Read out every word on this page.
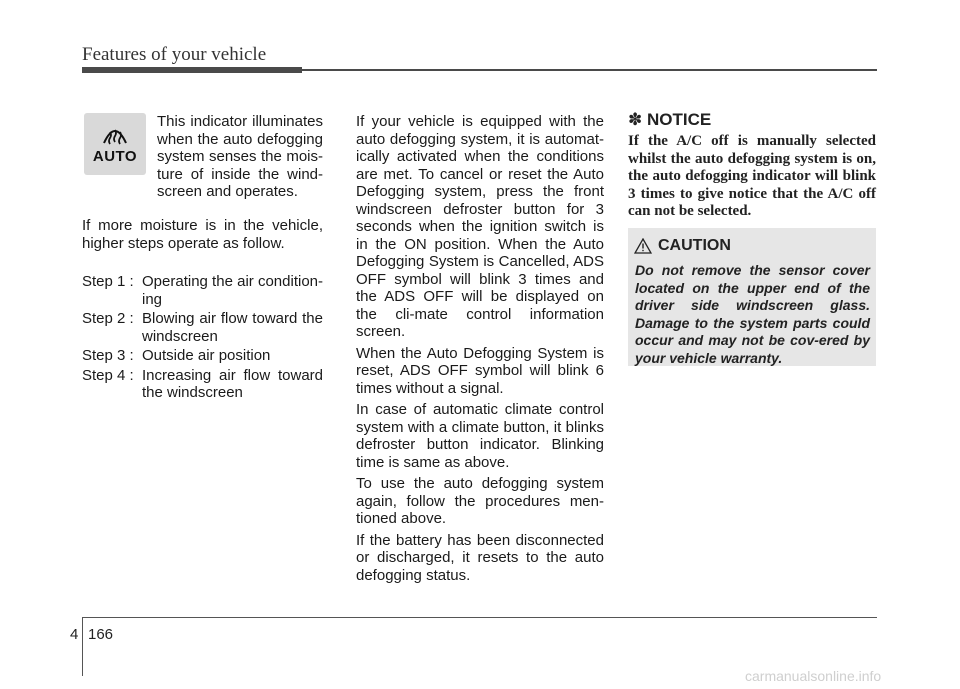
Features of your vehicle
AUTO
This indicator illuminates when the auto defogging system senses the mois-ture of inside the wind-screen and operates.
If more moisture is in the vehicle, higher steps operate as follow.
Step 1 : Operating the air condition-ing
Step 2 : Blowing air flow toward the windscreen
Step 3 : Outside air position
Step 4 : Increasing air flow toward the windscreen

If your vehicle is equipped with the auto defogging system, it is automat-ically activated when the conditions are met. To cancel or reset the Auto Defogging system, press the front windscreen defroster button for 3 seconds when the ignition switch is in the ON position. When the Auto Defogging System is Cancelled, ADS OFF symbol will blink 3 times and the ADS OFF will be displayed on the cli-mate control information screen.

When the Auto Defogging System is reset, ADS OFF symbol will blink 6 times without a signal.

In case of automatic climate control system with a climate button, it blinks defroster button indicator. Blinking time is same as above.

To use the auto defogging system again, follow the procedures men-tioned above.

If the battery has been disconnected or discharged, it resets to the auto defogging status.

✽ NOTICE
If the A/C off is manually selected whilst the auto defogging system is on, the auto defogging indicator will blink 3 times to give notice that the A/C off can not be selected.
CAUTION
Do not remove the sensor cover located on the upper end of the driver side windscreen glass. Damage to the system parts could occur and may not be cov-ered by your vehicle warranty.
4 166
carmanualsonline.info
